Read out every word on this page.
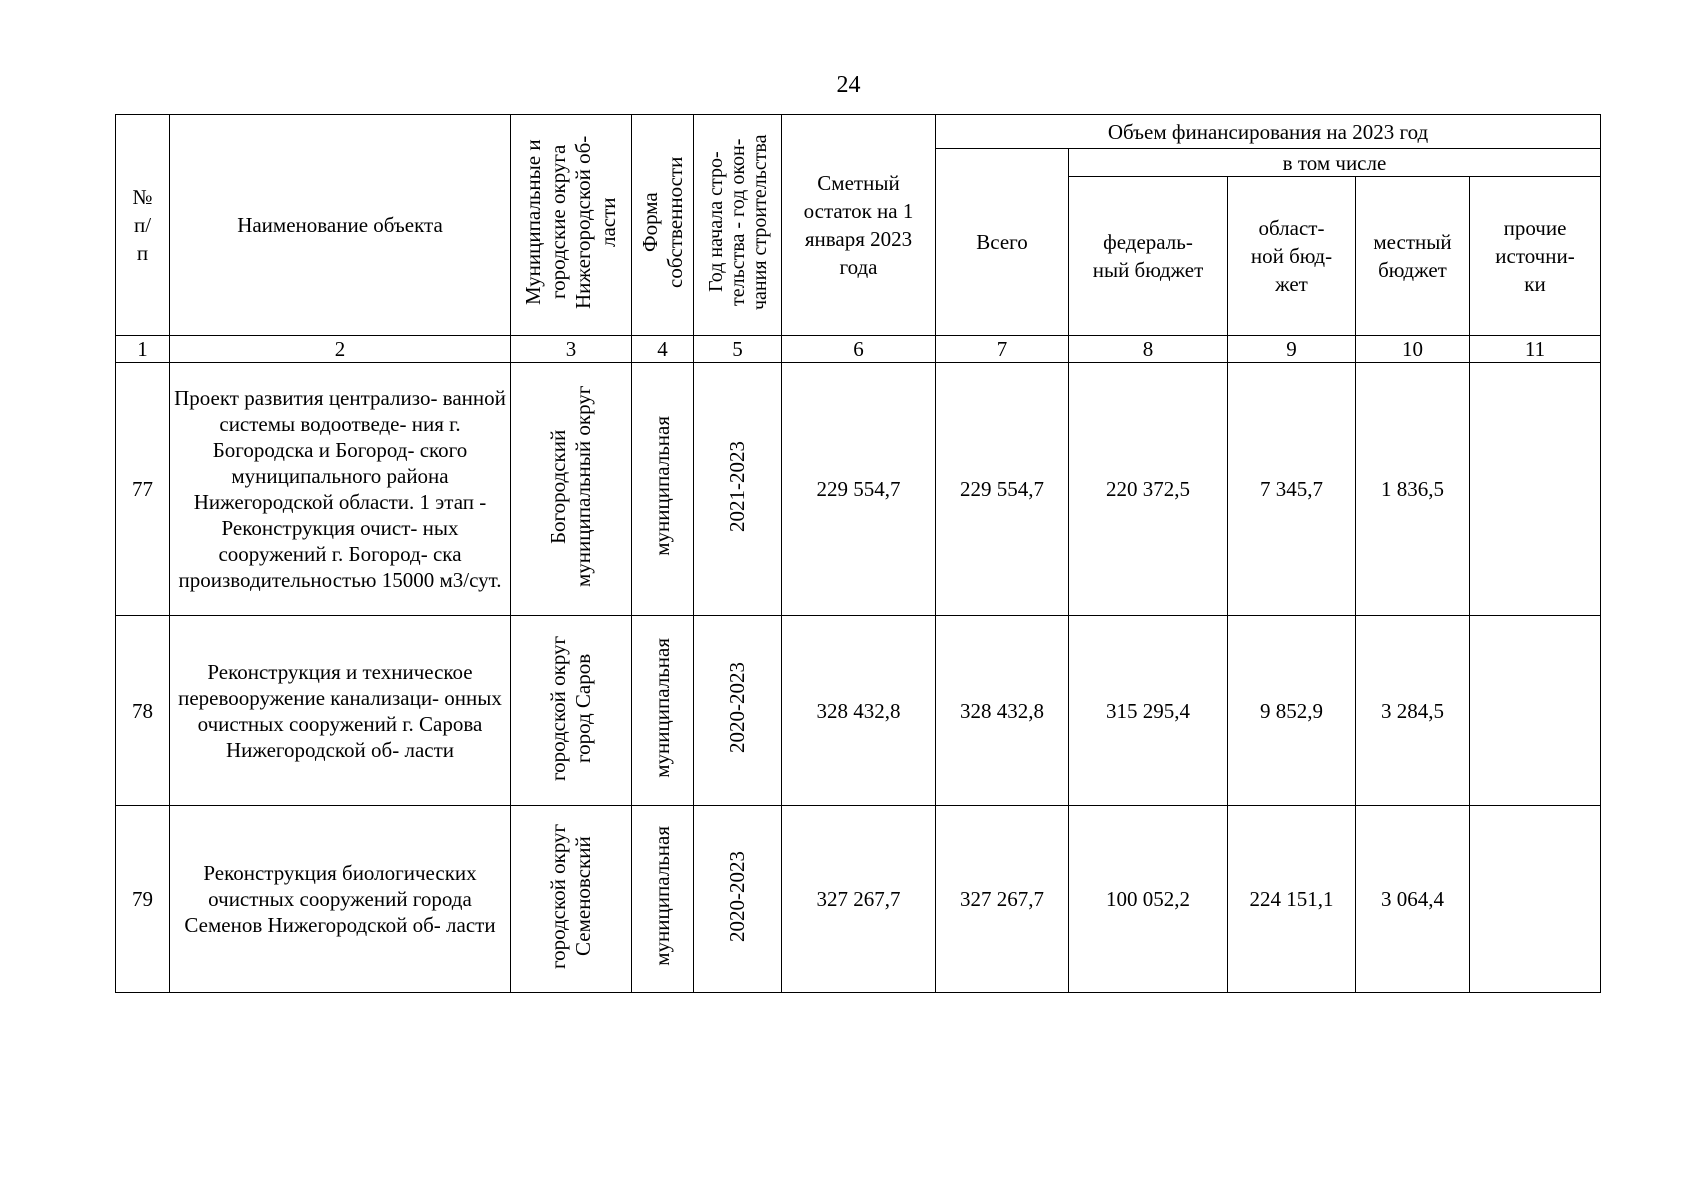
24
№ п/ п	Наименование объекта	Муниципальные и городские округа Нижегородской об- ласти	Форма собственности	Год начала стро- тельства - год окон- чания строительства	Сметный остаток на 1 января 2023 года	Объем финансирования на 2023 год				
						Всего	в том числе			

							федераль- ный бюджет	област- ной бюд- жет	местный бюджет	прочие источни- ки

1	2	3	4	5	6	7	8	9	10	11
77	Проект развития централизо- ванной системы водоотведе- ния г. Богородска и Богород- ского муниципального района Нижегородской области. 1 этап - Реконструкция очист- ных сооружений г. Богород- ска производительностью 15000 м3/сут.	Богородский муниципальный округ	муниципальная	2021-2023	229 554,7	229 554,7	220 372,5	7 345,7	1 836,5	
78	Реконструкция и техническое перевооружение канализаци- онных очистных сооружений г. Сарова Нижегородской об- ласти	городской округ город Саров	муниципальная	2020-2023	328 432,8	328 432,8	315 295,4	9 852,9	3 284,5	
79	Реконструкция биологических очистных сооружений города Семенов Нижегородской об- ласти	городской округ Семеновский	муниципальная	2020-2023	327 267,7	327 267,7	100 052,2	224 151,1	3 064,4	
